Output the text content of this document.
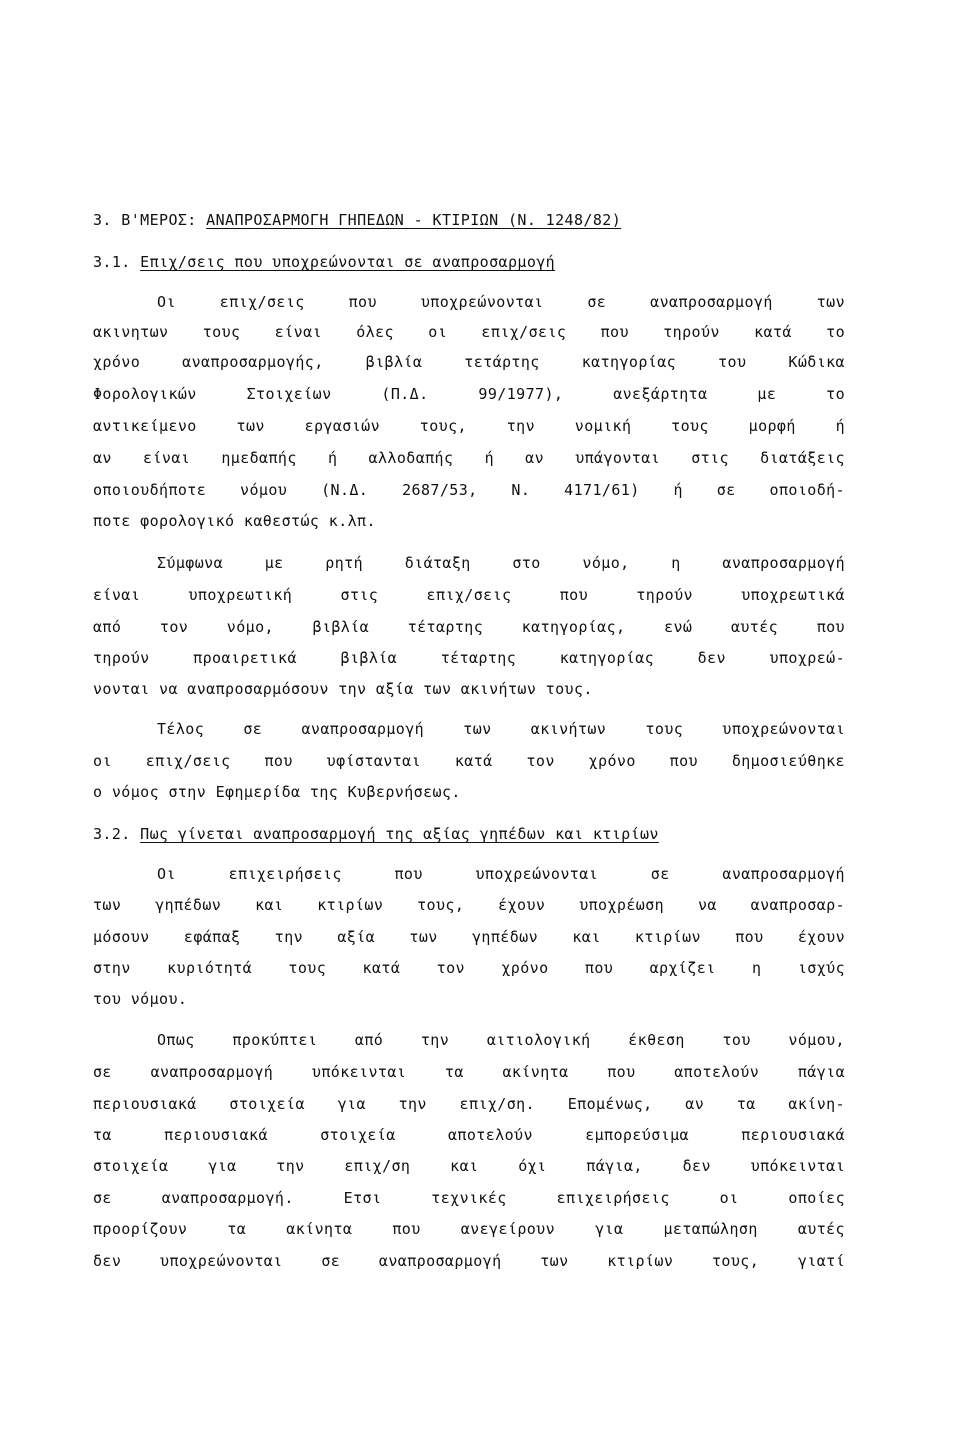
3. Β'ΜΕΡΟΣ: ΑΝΑΠΡΟΣΑΡΜΟΓΗ ΓΗΠΕΔΩΝ - ΚΤΙΡΙΩΝ (Ν. 1248/82)
3.1. Επιχ/σεις που υποχρεώνονται σε αναπροσαρμογή
Οι επιχ/σεις που υποχρεώνονται σε αναπροσαρμογή των
ακινητων τους είναι όλες οι επιχ/σεις που τηρούν κατά το
χρόνο αναπροσαρμογής, βιβλία τετάρτης κατηγορίας του Κώδικα
Φορολογικών Στοιχείων (Π.Δ. 99/1977), ανεξάρτητα με το
αντικείμενο των εργασιών τους, την νομική τους μορφή ή
αν είναι ημεδαπής ή αλλοδαπής ή αν υπάγονται στις διατάξεις
οποιουδήποτε νόμου (Ν.Δ. 2687/53, Ν. 4171/61) ή σε οποιοδή-
ποτε φορολογικό καθεστώς κ.λπ.
Σύμφωνα με ρητή διάταξη στο νόμο, η αναπροσαρμογή
είναι υποχρεωτική στις επιχ/σεις που τηρούν υποχρεωτικά
από τον νόμο, βιβλία τέταρτης κατηγορίας, ενώ αυτές που
τηρούν προαιρετικά βιβλία τέταρτης κατηγορίας δεν υποχρεώ-
νονται να αναπροσαρμόσουν την αξία των ακινήτων τους.
Τέλος σε αναπροσαρμογή των ακινήτων τους υποχρεώνονται
οι επιχ/σεις που υφίστανται κατά τον χρόνο που δημοσιεύθηκε
ο νόμος στην Εφημερίδα της Κυβερνήσεως.
3.2. Πως γίνεται αναπροσαρμογή της αξίας γηπέδων και κτιρίων
Οι επιχειρήσεις που υποχρεώνονται σε αναπροσαρμογή
των γηπέδων και κτιρίων τους, έχουν υποχρέωση να αναπροσαρ-
μόσουν εφάπαξ την αξία των γηπέδων και κτιρίων που έχουν
στην κυριότητά τους κατά τον χρόνο που αρχίζει η ισχύς
του νόμου.
Οπως προκύπτει από την αιτιολογική έκθεση του νόμου,
σε αναπροσαρμογή υπόκεινται τα ακίνητα που αποτελούν πάγια
περιουσιακά στοιχεία για την επιχ/ση. Επομένως, αν τα ακίνη-
τα περιουσιακά στοιχεία αποτελούν εμπορεύσιμα περιουσιακά
στοιχεία για την επιχ/ση και όχι πάγια, δεν υπόκεινται
σε αναπροσαρμογή. Ετσι τεχνικές επιχειρήσεις οι οποίες
προορίζουν τα ακίνητα που ανεγείρουν για μεταπώληση αυτές
δεν υποχρεώνονται σε αναπροσαρμογή των κτιρίων τους, γιατί
